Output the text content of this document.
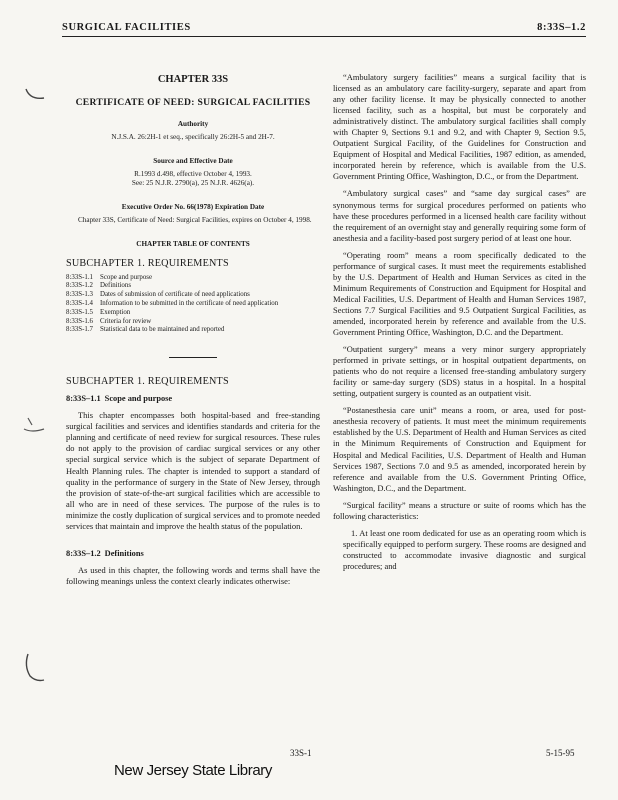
SURGICAL FACILITIES	8:33S–1.2
CHAPTER 33S
CERTIFICATE OF NEED: SURGICAL FACILITIES
Authority

N.J.S.A. 26:2H-1 et seq., specifically 26:2H-5 and 2H-7.

Source and Effective Date

R.1993 d.498, effective October 4, 1993.

See: 25 N.J.R. 2790(a), 25 N.J.R. 4626(a).

Executive Order No. 66(1978) Expiration Date

Chapter 33S, Certificate of Need: Surgical Facilities, expires on October 4, 1998.

CHAPTER TABLE OF CONTENTS
SUBCHAPTER 1. REQUIREMENTS
8:33S-1.1	Scope and purpose
8:33S-1.2	Definitions
8:33S-1.3	Dates of submission of certificate of need applications
8:33S-1.4	Information to be submitted in the certificate of need application
8:33S-1.5	Exemption
8:33S-1.6	Criteria for review
8:33S-1.7	Statistical data to be maintained and reported
SUBCHAPTER 1. REQUIREMENTS
8:33S–1.1 Scope and purpose

This chapter encompasses both hospital-based and free-standing surgical facilities and services and identifies standards and criteria for the planning and certificate of need review for surgical resources. These rules do not apply to the provision of cardiac surgical services or any other special surgical service which is the subject of separate Department of Health Planning rules. The chapter is intended to support a standard of quality in the performance of surgery in the State of New Jersey, through the provision of state-of-the-art surgical facilities which are accessible to all who are in need of these services. The purpose of the rules is to minimize the costly duplication of surgical services and to promote needed services that maintain and improve the health status of the population.

8:33S–1.2 Definitions

As used in this chapter, the following words and terms shall have the following meanings unless the context clearly indicates otherwise:

“Ambulatory surgery facilities” means a surgical facility that is licensed as an ambulatory care facility-surgery, separate and apart from any other facility license. It may be physically connected to another licensed facility, such as a hospital, but must be corporately and administratively distinct. The ambulatory surgical facilities shall comply with Chapter 9, Sections 9.1 and 9.2, and with Chapter 9, Section 9.5, Outpatient Surgical Facility, of the Guidelines for Construction and Equipment of Hospital and Medical Facilities, 1987 edition, as amended, incorporated herein by reference, which is available from the U.S. Government Printing Office, Washington, D.C., or from the Department.

“Ambulatory surgical cases” and “same day surgical cases” are synonymous terms for surgical procedures performed on patients who have these procedures performed in a licensed health care facility without the requirement of an overnight stay and generally requiring some form of anesthesia and a facility-based post surgery period of at least one hour.

“Operating room” means a room specifically dedicated to the performance of surgical cases. It must meet the requirements established by the U.S. Department of Health and Human Services as cited in the Minimum Requirements of Construction and Equipment for Hospital and Medical Facilities, U.S. Department of Health and Human Services 1987, Sections 7.7 Surgical Facilities and 9.5 Outpatient Surgical Facilities, as amended, incorporated herein by reference and available from the U.S. Government Printing Office, Washington, D.C. and the Department.

“Outpatient surgery” means a very minor surgery appropriately performed in private settings, or in hospital outpatient departments, on patients who do not require a licensed free-standing ambulatory surgery facility or same-day surgery (SDS) status in a hospital. In a hospital setting, outpatient surgery is counted as an outpatient visit.

“Postanesthesia care unit” means a room, or area, used for post-anesthesia recovery of patients. It must meet the minimum requirements established by the U.S. Department of Health and Human Services as cited in the Minimum Requirements of Construction and Equipment for Hospital and Medical Facilities, U.S. Department of Health and Human Services 1987, Sections 7.0 and 9.5 as amended, incorporated herein by reference and available from the U.S. Government Printing Office, Washington, D.C., and the Department.

“Surgical facility” means a structure or suite of rooms which has the following characteristics:

1. At least one room dedicated for use as an operating room which is specifically equipped to perform surgery. These rooms are designed and constructed to accommodate invasive diagnostic and surgical procedures; and

33S-1	5-15-95
New Jersey State Library
